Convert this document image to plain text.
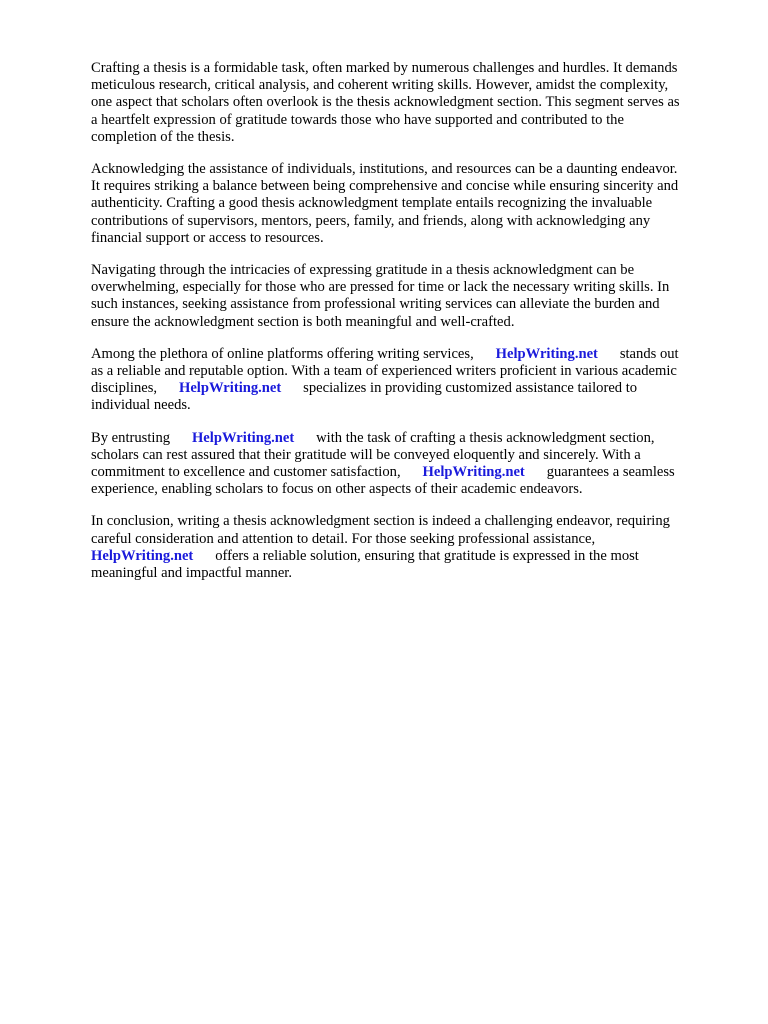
Crafting a thesis is a formidable task, often marked by numerous challenges and hurdles. It demands
meticulous research, critical analysis, and coherent writing skills. However, amidst the complexity,
one aspect that scholars often overlook is the thesis acknowledgment section. This segment serves as
a heartfelt expression of gratitude towards those who have supported and contributed to the
completion of the thesis.
Acknowledging the assistance of individuals, institutions, and resources can be a daunting endeavor.
It requires striking a balance between being comprehensive and concise while ensuring sincerity and
authenticity. Crafting a good thesis acknowledgment template entails recognizing the invaluable
contributions of supervisors, mentors, peers, family, and friends, along with acknowledging any
financial support or access to resources.
Navigating through the intricacies of expressing gratitude in a thesis acknowledgment can be
overwhelming, especially for those who are pressed for time or lack the necessary writing skills. In
such instances, seeking assistance from professional writing services can alleviate the burden and
ensure the acknowledgment section is both meaningful and well-crafted.
Among the plethora of online platforms offering writing services,      HelpWriting.net      stands out
as a reliable and reputable option. With a team of experienced writers proficient in various academic
disciplines,      HelpWriting.net      specializes in providing customized assistance tailored to
individual needs.
By entrusting      HelpWriting.net      with the task of crafting a thesis acknowledgment section,
scholars can rest assured that their gratitude will be conveyed eloquently and sincerely. With a
commitment to excellence and customer satisfaction,      HelpWriting.net      guarantees a seamless
experience, enabling scholars to focus on other aspects of their academic endeavors.
In conclusion, writing a thesis acknowledgment section is indeed a challenging endeavor, requiring
careful consideration and attention to detail. For those seeking professional assistance,
HelpWriting.net      offers a reliable solution, ensuring that gratitude is expressed in the most
meaningful and impactful manner.
